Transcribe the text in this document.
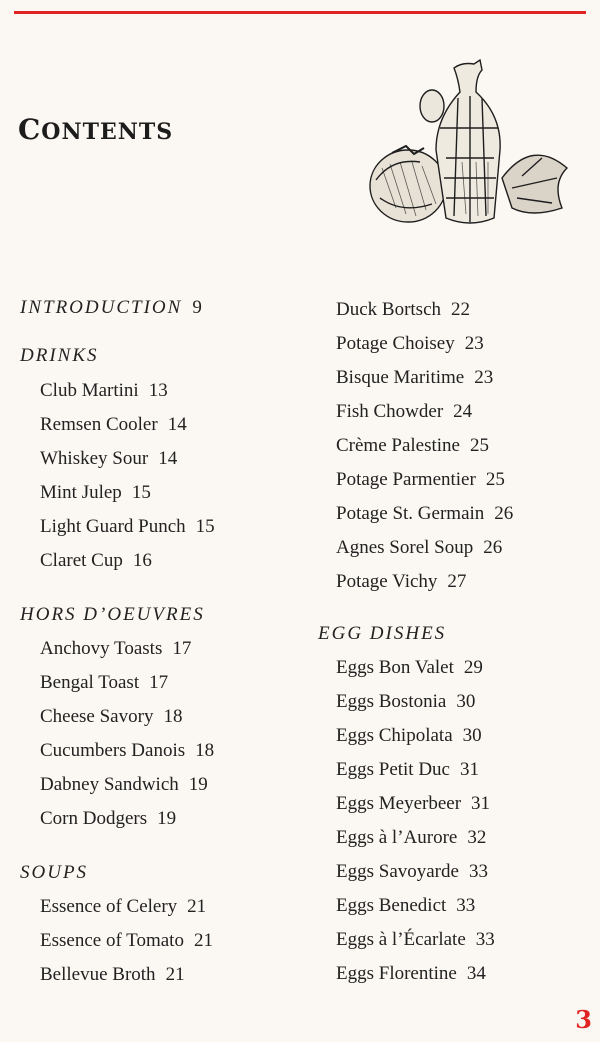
CONTENTS
INTRODUCTION 9
DRINKS
Club Martini 13
Remsen Cooler 14
Whiskey Sour 14
Mint Julep 15
Light Guard Punch 15
Claret Cup 16
HORS D’OEUVRES
Anchovy Toasts 17
Bengal Toast 17
Cheese Savory 18
Cucumbers Danois 18
Dabney Sandwich 19
Corn Dodgers 19
SOUPS
Essence of Celery 21
Essence of Tomato 21
Bellevue Broth 21
Duck Bortsch 22
Potage Choisey 23
Bisque Maritime 23
Fish Chowder 24
Crème Palestine 25
Potage Parmentier 25
Potage St. Germain 26
Agnes Sorel Soup 26
Potage Vichy 27
EGG DISHES
Eggs Bon Valet 29
Eggs Bostonia 30
Eggs Chipolata 30
Eggs Petit Duc 31
Eggs Meyerbeer 31
Eggs à l’Aurore 32
Eggs Savoyarde 33
Eggs Benedict 33
Eggs à l’Écarlate 33
Eggs Florentine 34
3
